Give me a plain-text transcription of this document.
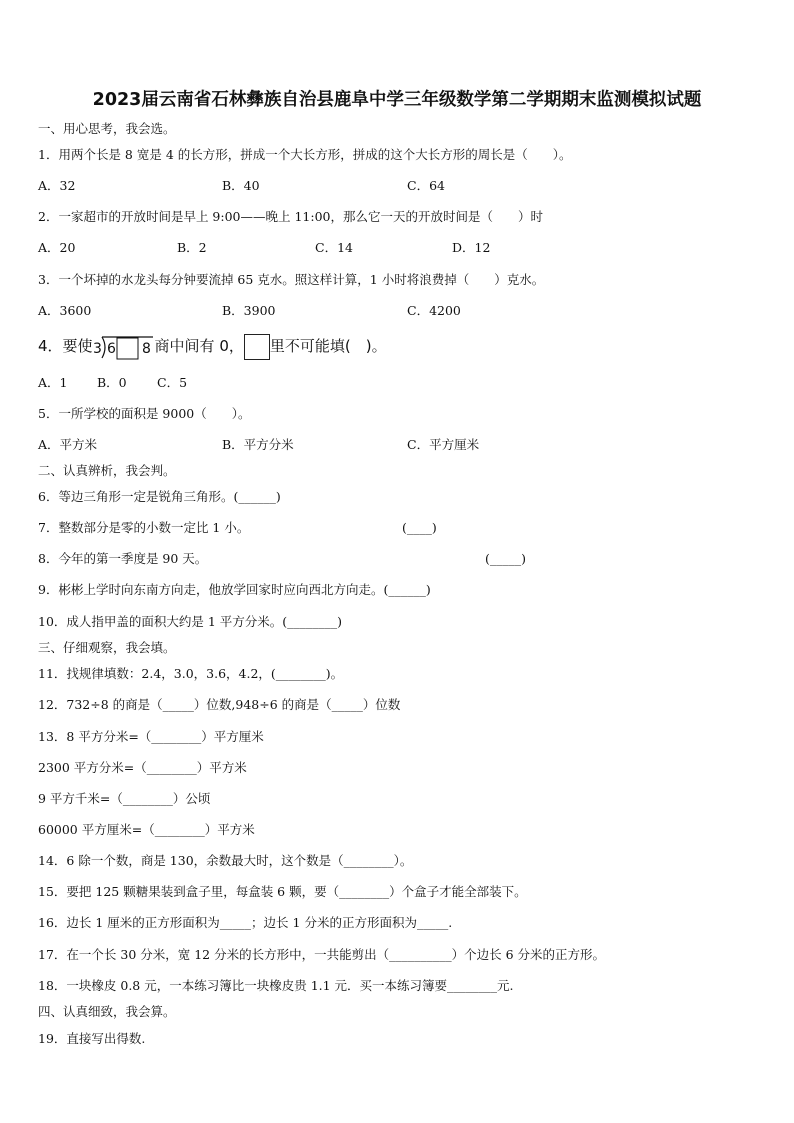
2023届云南省石林彝族自治县鹿阜中学三年级数学第二学期期末监测模拟试题
一、用心思考，我会选。
1．用两个长是 8 宽是 4 的长方形，拼成一个大长方形，拼成的这个大长方形的周长是（　　）。
A．32	B．40	C．64
2．一家超市的开放时间是早上 9:00——晚上 11:00，那么它一天的开放时间是（　　）时
A．20	B．2	C．14	D．12
3．一个坏掉的水龙头每分钟要流掉 65 克水。照这样计算，1 小时将浪费掉（　　）克水。
A．3600	B．3900	C．4200
4．要使 3 6 8 商中间有 0， 里不可能填(　)。
A．1 B．0 C．5
5．一所学校的面积是 9000（　　）。
A．平方米	B．平方分米	C．平方厘米
二、认真辨析，我会判。
6．等边三角形一定是锐角三角形。(______)
7．整数部分是零的小数一定比 1 小。	(____)
8．今年的第一季度是 90 天。	(_____)
9．彬彬上学时向东南方向走，他放学回家时应向西北方向走。(______)
10．成人指甲盖的面积大约是 1 平方分米。(________)
三、仔细观察，我会填。
11．找规律填数：2.4，3.0，3.6，4.2，(________)。
12．732÷8 的商是（_____）位数,948÷6 的商是（_____）位数
13．8 平方分米=（________）平方厘米
2300 平方分米=（________）平方米
9 平方千米=（________）公顷
60000 平方厘米=（________）平方米
14．6 除一个数，商是 130，余数最大时，这个数是（________）。
15．要把 125 颗糖果装到盒子里，每盒装 6 颗，要（________）个盒子才能全部装下。
16．边长 1 厘米的正方形面积为_____；边长 1 分米的正方形面积为_____.
17．在一个长 30 分米，宽 12 分米的长方形中，一共能剪出（__________）个边长 6 分米的正方形。
18．一块橡皮 0.8 元，一本练习簿比一块橡皮贵 1.1 元．买一本练习簿要________元.
四、认真细致，我会算。
19．直接写出得数.
